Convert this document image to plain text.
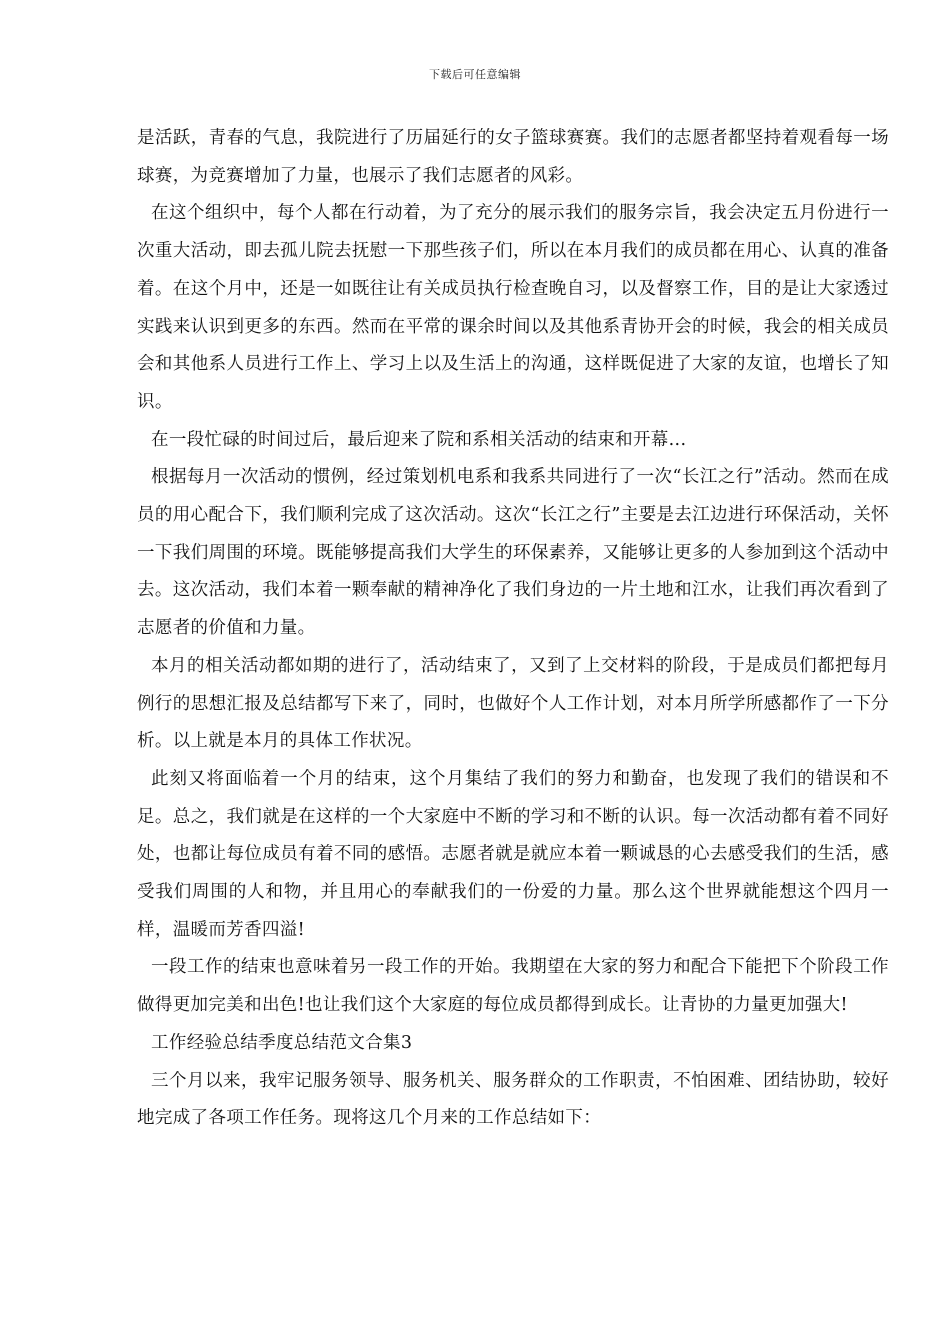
下载后可任意编辑

是活跃，青春的气息，我院进行了历届延行的女子篮球赛赛。我们的志愿者都坚持着观看每一场球赛，为竞赛增加了力量，也展示了我们志愿者的风彩。

在这个组织中，每个人都在行动着，为了充分的展示我们的服务宗旨，我会决定五月份进行一次重大活动，即去孤儿院去抚慰一下那些孩子们，所以在本月我们的成员都在用心、认真的准备着。在这个月中，还是一如既往让有关成员执行检查晚自习，以及督察工作，目的是让大家透过实践来认识到更多的东西。然而在平常的课余时间以及其他系青协开会的时候，我会的相关成员会和其他系人员进行工作上、学习上以及生活上的沟通，这样既促进了大家的友谊，也增长了知识。

在一段忙碌的时间过后，最后迎来了院和系相关活动的结束和开幕...

根据每月一次活动的惯例，经过策划机电系和我系共同进行了一次“长江之行”活动。然而在成员的用心配合下，我们顺利完成了这次活动。这次“长江之行”主要是去江边进行环保活动，关怀一下我们周围的环境。既能够提高我们大学生的环保素养，又能够让更多的人参加到这个活动中去。这次活动，我们本着一颗奉献的精神净化了我们身边的一片土地和江水，让我们再次看到了志愿者的价值和力量。

本月的相关活动都如期的进行了，活动结束了，又到了上交材料的阶段，于是成员们都把每月例行的思想汇报及总结都写下来了，同时，也做好个人工作计划，对本月所学所感都作了一下分析。以上就是本月的具体工作状况。

此刻又将面临着一个月的结束，这个月集结了我们的努力和勤奋，也发现了我们的错误和不足。总之，我们就是在这样的一个大家庭中不断的学习和不断的认识。每一次活动都有着不同好处，也都让每位成员有着不同的感悟。志愿者就是就应本着一颗诚恳的心去感受我们的生活，感受我们周围的人和物，并且用心的奉献我们的一份爱的力量。那么这个世界就能想这个四月一样，温暖而芳香四溢!

一段工作的结束也意味着另一段工作的开始。我期望在大家的努力和配合下能把下个阶段工作做得更加完美和出色!也让我们这个大家庭的每位成员都得到成长。让青协的力量更加强大!

工作经验总结季度总结范文合集3

三个月以来，我牢记服务领导、服务机关、服务群众的工作职责，不怕困难、团结协助，较好地完成了各项工作任务。现将这几个月来的工作总结如下：
